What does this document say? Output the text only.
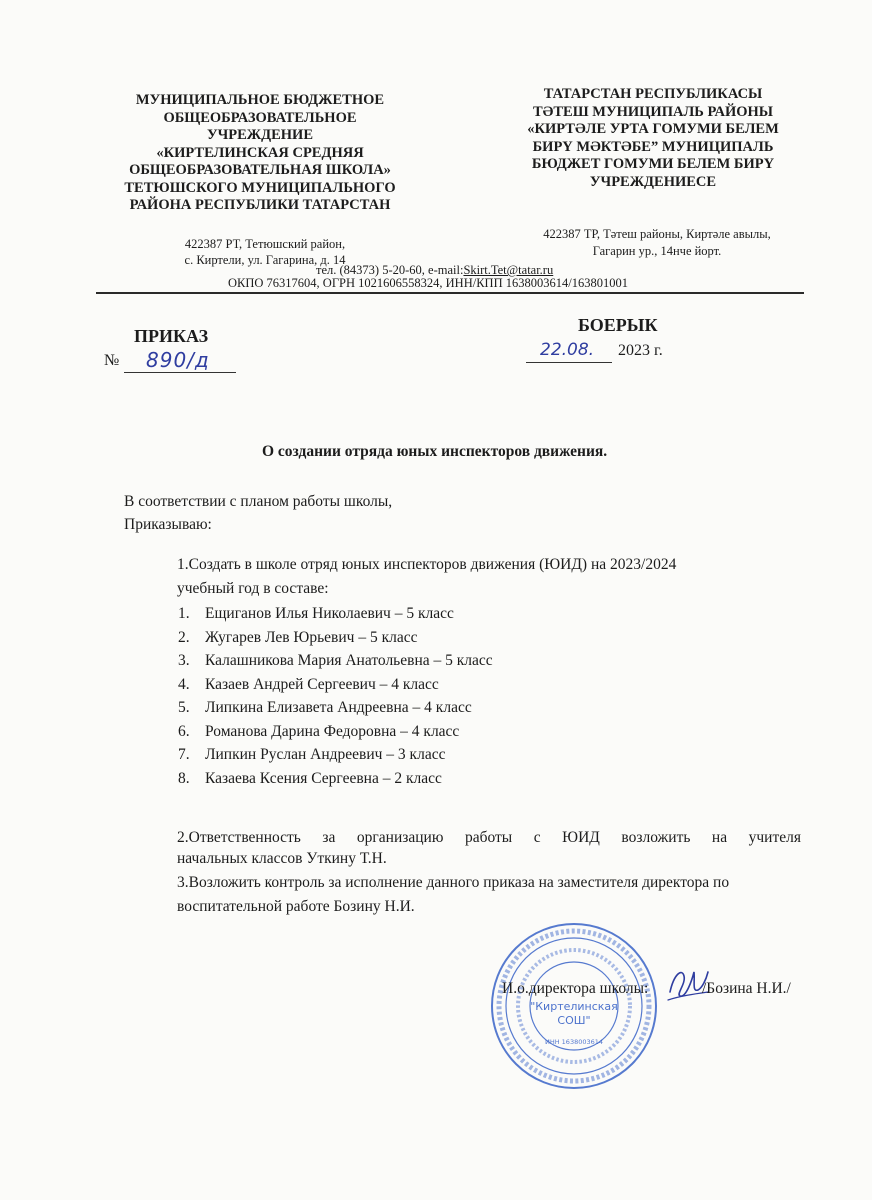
МУНИЦИПАЛЬНОЕ БЮДЖЕТНОЕ
ОБЩЕОБРАЗОВАТЕЛЬНОЕ
УЧРЕЖДЕНИЕ
«КИРТЕЛИНСКАЯ СРЕДНЯЯ
ОБЩЕОБРАЗОВАТЕЛЬНАЯ ШКОЛА»
ТЕТЮШСКОГО МУНИЦИПАЛЬНОГО
РАЙОНА РЕСПУБЛИКИ ТАТАРСТАН
422387 РТ, Тетюшский район,
с. Киртели, ул. Гагарина, д. 14
ТАТАРСТАН РЕСПУБЛИКАСЫ
ТӘТЕШ МУНИЦИПАЛЬ РАЙОНЫ
«КИРТӘЛЕ УРТА ГОМУМИ БЕЛЕМ
БИРҮ МӘКТӘБЕ” МУНИЦИПАЛЬ
БЮДЖЕТ ГОМУМИ БЕЛЕМ БИРҮ
УЧРЕЖДЕНИЕСЕ
422387 ТР, Тәтеш районы, Киртәле авылы,
Гагарин ур., 14нче йорт.
тел. (84373) 5-20-60, e-mail:Skirt.Tet@tatar.ru
ОКПО 76317604, ОГРН 1021606558324, ИНН/КПП 1638003614/163801001
ПРИКАЗ
№ 890/д
БОЕРЫК
22.08. 2023 г.
О создании отряда юных инспекторов движения.
В соответствии с планом работы школы,
Приказываю:
1.Создать в школе отряд юных инспекторов движения (ЮИД) на 2023/2024
учебный год в составе:
1. Ещиганов Илья Николаевич – 5 класс
2. Жугарев Лев Юрьевич – 5 класс
3. Калашникова Мария Анатольевна – 5 класс
4. Казаев Андрей Сергеевич – 4 класс
5. Липкина Елизавета Андреевна – 4 класс
6. Романова Дарина Федоровна – 4 класс
7. Липкин Руслан Андреевич – 3 класс
8. Казаева Ксения Сергеевна – 2 класс
2.Ответственность за организацию работы с ЮИД возложить на учителя
начальных классов Уткину Т.Н.
3.Возложить контроль за исполнение данного приказа на заместителя директора по
воспитательной работе Бозину Н.И.
"Киртелинская
СОШ"
ИНН 1638003614
И.о.директора школы:	/Бозина Н.И./
